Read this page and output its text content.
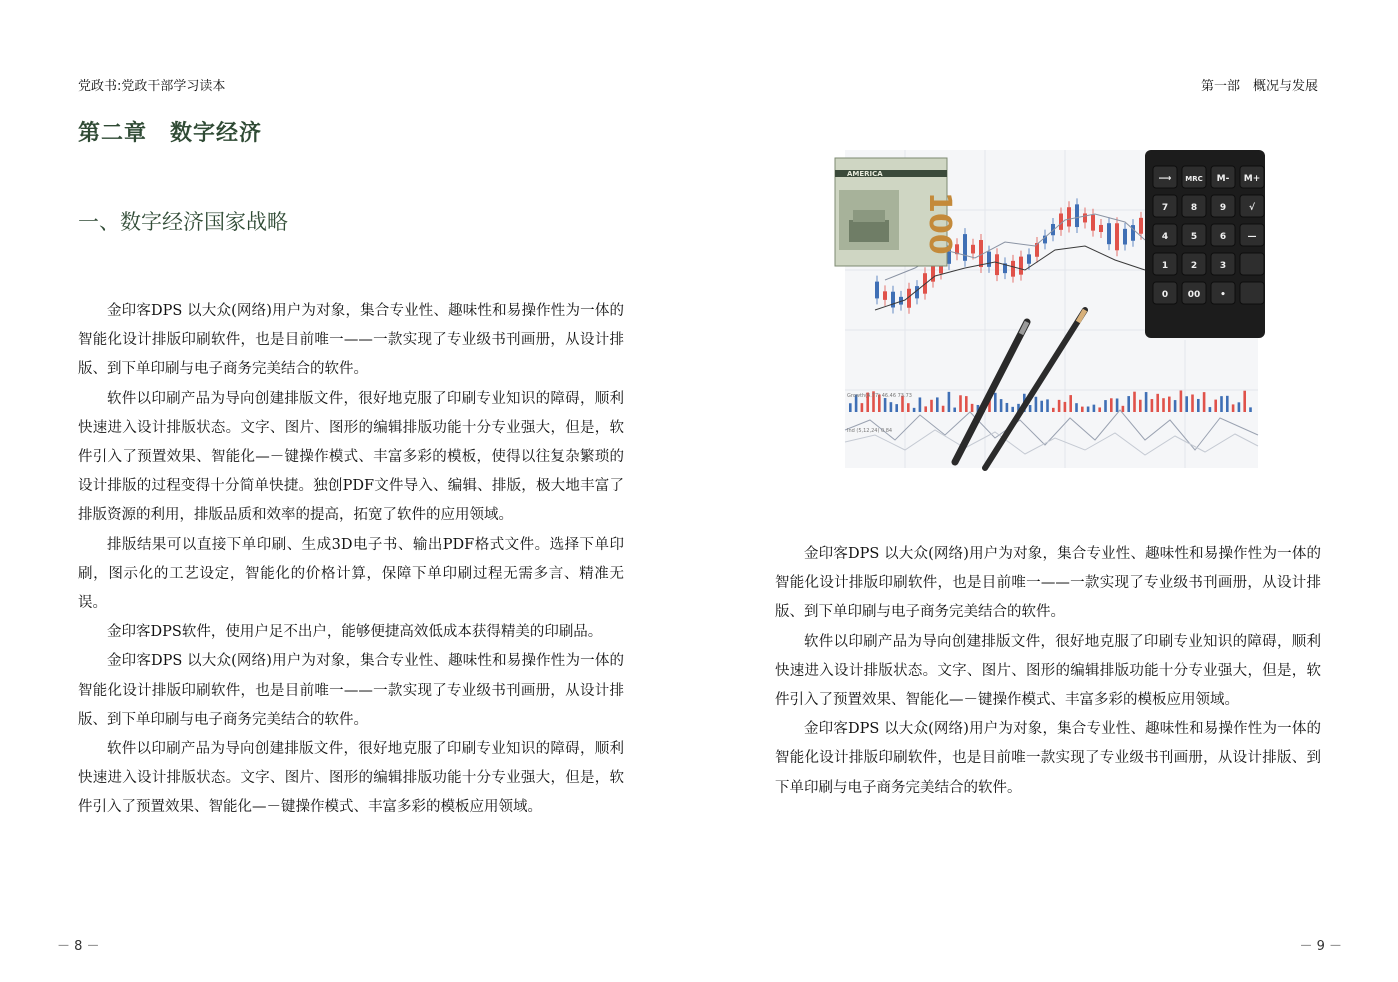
党政书:党政干部学习读本
第二章　数字经济
一、数字经济国家战略

金印客DPS 以大众(网络)用户为对象，集合专业性、趣味性和易操作性为一体的智能化设计排版印刷软件，也是目前唯一——一款实现了专业级书刊画册，从设计排版、到下单印刷与电子商务完美结合的软件。

软件以印刷产品为导向创建排版文件，很好地克服了印刷专业知识的障碍，顺利快速进入设计排版状态。文字、图片、图形的编辑排版功能十分专业强大，但是，软件引入了预置效果、智能化—－键操作模式、丰富多彩的模板，使得以往复杂繁琐的设计排版的过程变得十分简单快捷。独创PDF文件导入、编辑、排版，极大地丰富了排版资源的利用，排版品质和效率的提高，拓宽了软件的应用领域。

排版结果可以直接下单印刷、生成3D电子书、输出PDF格式文件。选择下单印刷，图示化的工艺设定，智能化的价格计算，保障下单印刷过程无需多言、精准无误。

金印客DPS软件，使用户足不出户，能够便捷高效低成本获得精美的印刷品。

金印客DPS 以大众(网络)用户为对象，集合专业性、趣味性和易操作性为一体的智能化设计排版印刷软件，也是目前唯一——一款实现了专业级书刊画册，从设计排版、到下单印刷与电子商务完美结合的软件。

软件以印刷产品为导向创建排版文件，很好地克服了印刷专业知识的障碍，顺利快速进入设计排版状态。文字、图片、图形的编辑排版功能十分专业强大，但是，软件引入了预置效果、智能化—－键操作模式、丰富多彩的模板应用领域。

－ 8 －
第一部　概况与发展
Growth(4.77) 46.46 73.73
Ind (5,12,24) 0.84
AMERICA
100
⟶ MRC M- M+
7	8	9	√
4	5	6 —
1	2	3
0 00 •

金印客DPS 以大众(网络)用户为对象，集合专业性、趣味性和易操作性为一体的智能化设计排版印刷软件，也是目前唯一——一款实现了专业级书刊画册，从设计排版、到下单印刷与电子商务完美结合的软件。

软件以印刷产品为导向创建排版文件，很好地克服了印刷专业知识的障碍，顺利快速进入设计排版状态。文字、图片、图形的编辑排版功能十分专业强大，但是，软件引入了预置效果、智能化—－键操作模式、丰富多彩的模板应用领域。

金印客DPS 以大众(网络)用户为对象，集合专业性、趣味性和易操作性为一体的智能化设计排版印刷软件，也是目前唯一款实现了专业级书刊画册，从设计排版、到下单印刷与电子商务完美结合的软件。

－ 9 －
